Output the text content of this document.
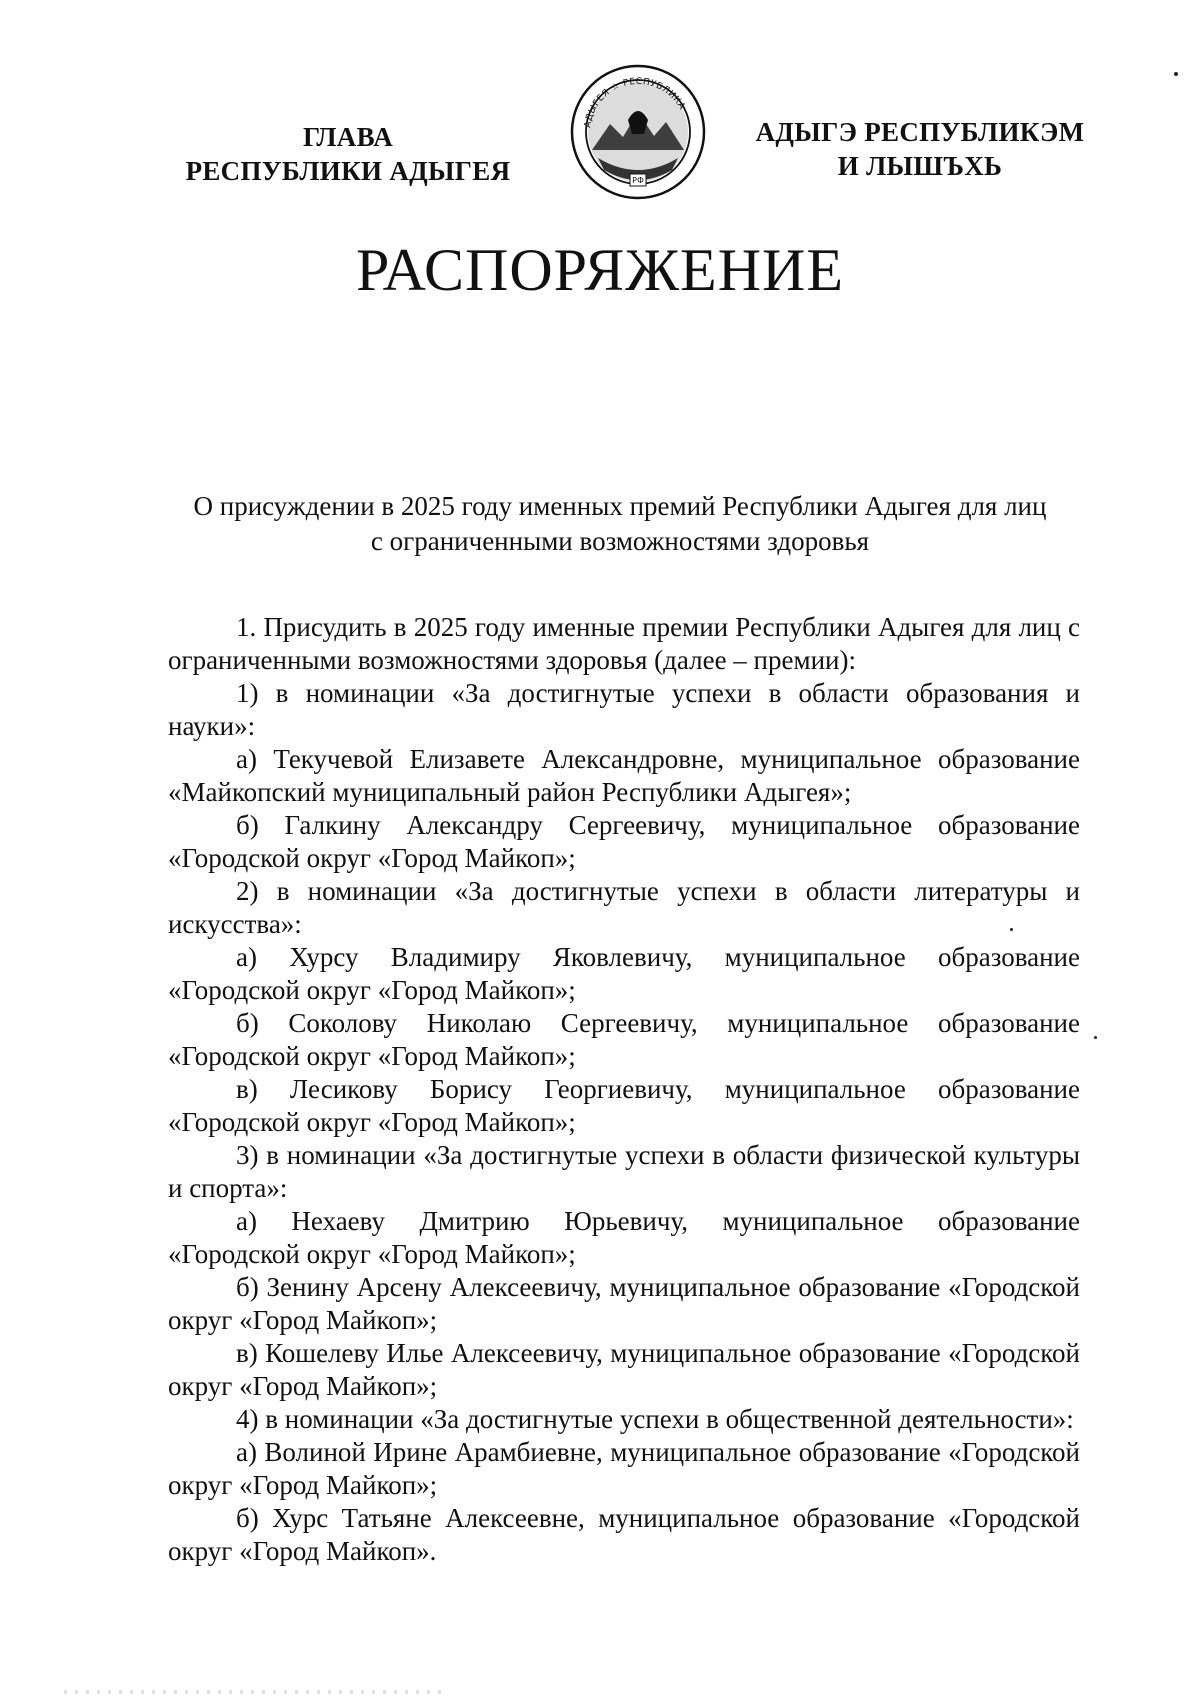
ГЛАВА
РЕСПУБЛИКИ АДЫГЕЯ
АДЫГЕЯ ☆ РЕСПУБЛИКА
РФ
АДЫГЭ РЕСПУБЛИКЭМ
И ЛЫШЪХЬ
РАСПОРЯЖЕНИЕ
О присуждении в 2025 году именных премий Республики Адыгея для лиц
с ограниченными возможностями здоровья

1. Присудить в 2025 году именные премии Республики Адыгея для лиц с ограниченными возможностями здоровья (далее – премии):

1) в номинации «За достигнутые успехи в области образования и науки»:

а) Текучевой Елизавете Александровне, муниципальное образование «Майкопский муниципальный район Республики Адыгея»;

б) Галкину Александру Сергеевичу, муниципальное образование «Городской округ «Город Майкоп»;

2) в номинации «За достигнутые успехи в области литературы и искусства»:

а) Хурсу Владимиру Яковлевичу, муниципальное образование «Городской округ «Город Майкоп»;

б) Соколову Николаю Сергеевичу, муниципальное образование «Городской округ «Город Майкоп»;

в) Лесикову Борису Георгиевичу, муниципальное образование «Городской округ «Город Майкоп»;

3) в номинации «За достигнутые успехи в области физической культуры и спорта»:

а) Нехаеву Дмитрию Юрьевичу, муниципальное образование «Городской округ «Город Майкоп»;

б) Зенину Арсену Алексеевичу, муниципальное образование «Городской округ «Город Майкоп»;

в) Кошелеву Илье Алексеевичу, муниципальное образование «Городской округ «Город Майкоп»;

4) в номинации «За достигнутые успехи в общественной деятельности»:

а) Волиной Ирине Арамбиевне, муниципальное образование «Городской округ «Город Майкоп»;

б) Хурс Татьяне Алексеевне, муниципальное образование «Городской округ «Город Майкоп».
